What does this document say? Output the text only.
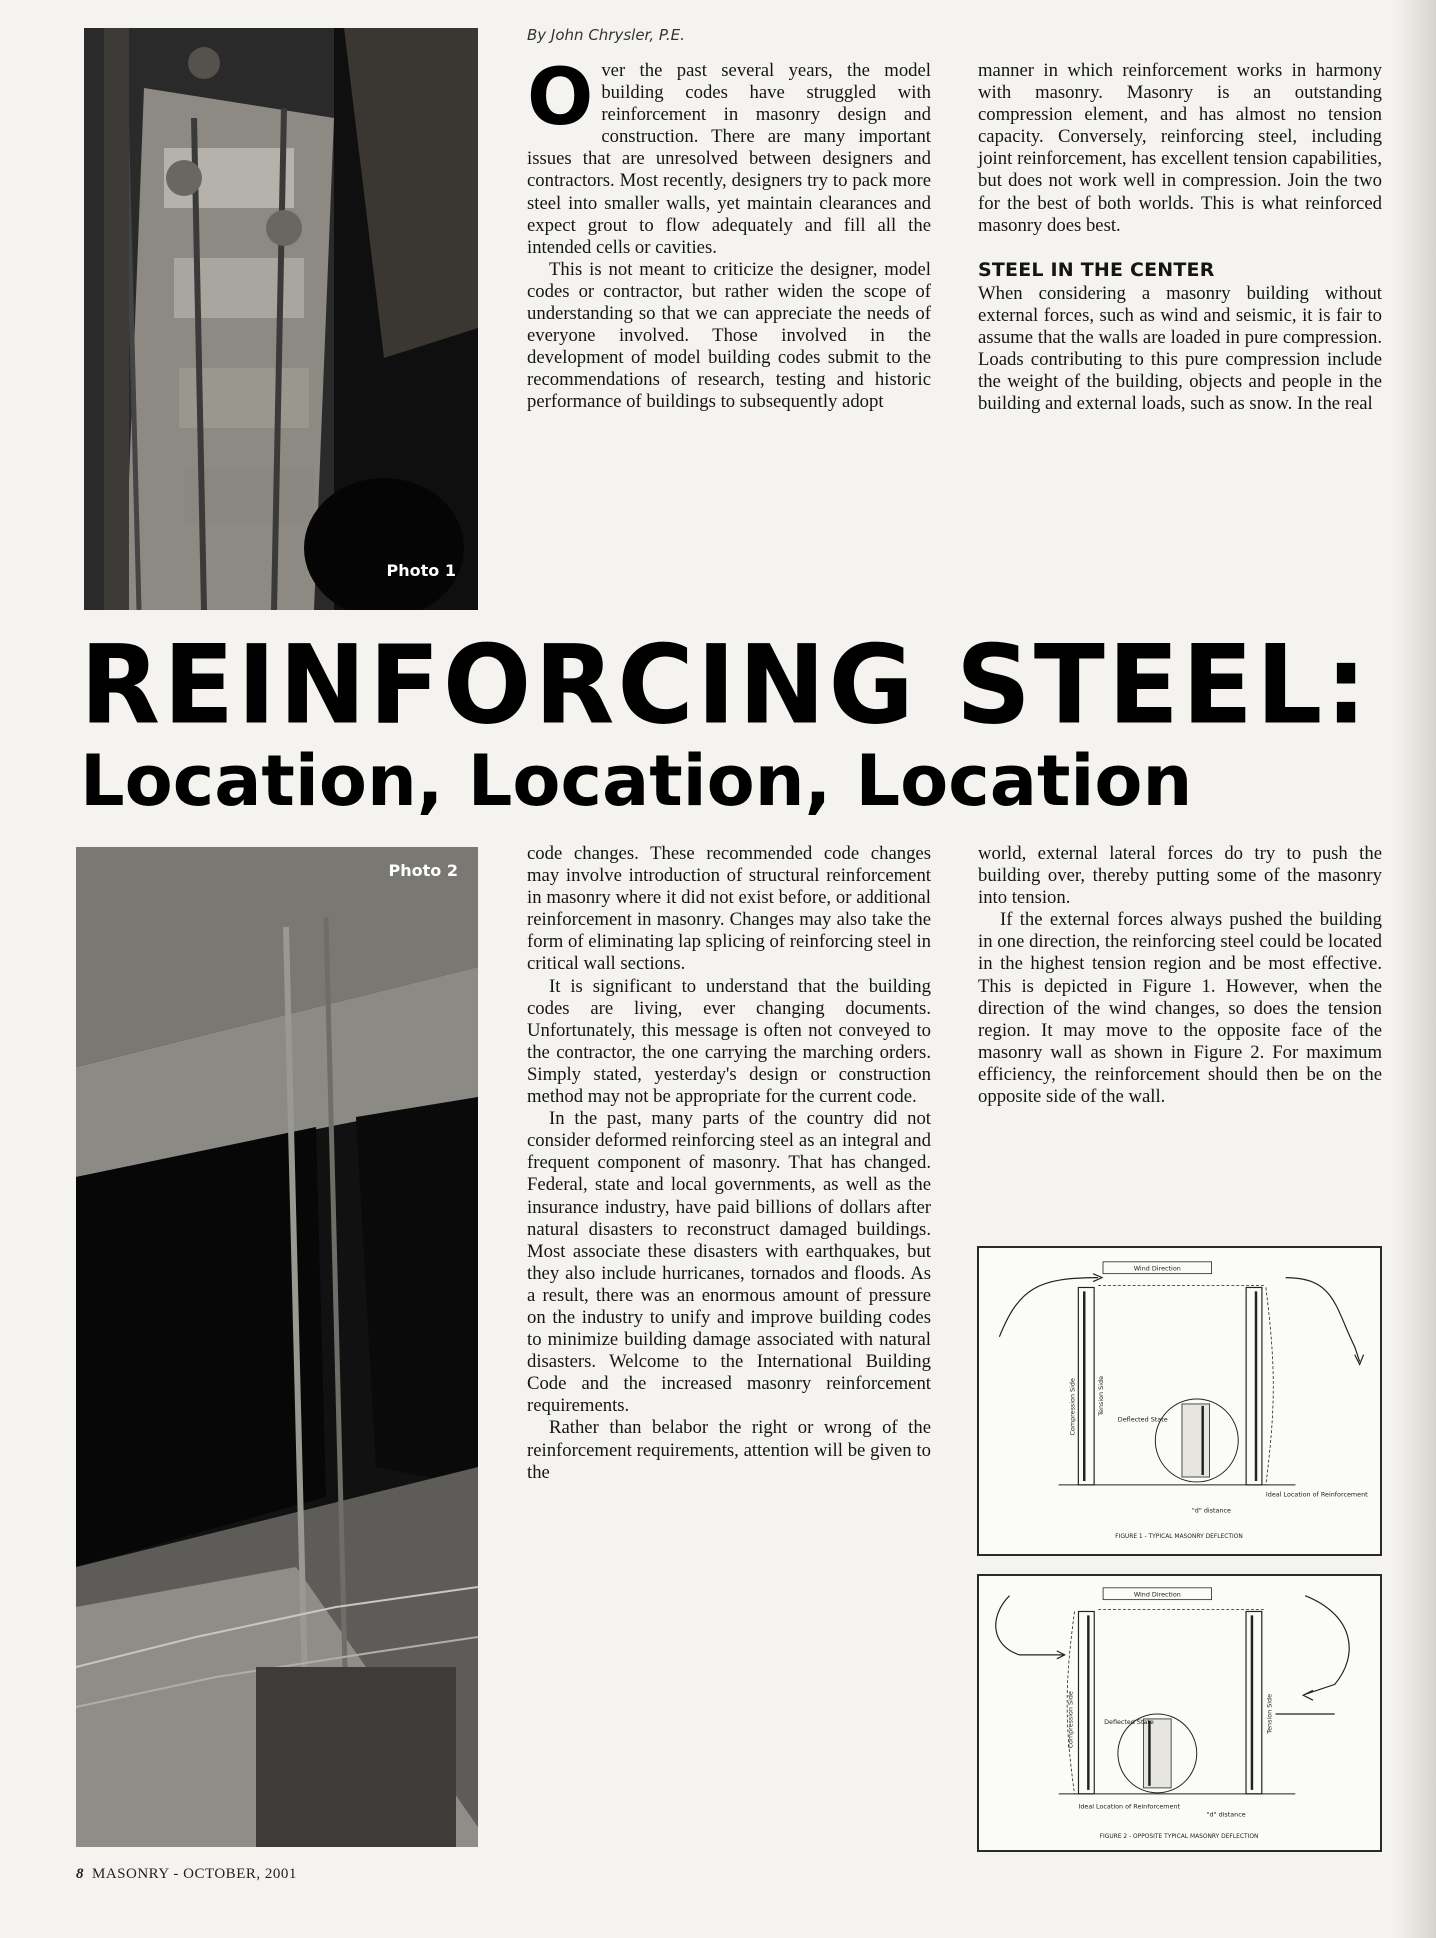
Photo 1
By John Chrysler, P.E.

Over the past several years, the model building codes have struggled with reinforcement in masonry design and construction. There are many important issues that are unresolved between designers and contractors. Most recently, designers try to pack more steel into smaller walls, yet maintain clearances and expect grout to flow adequately and fill all the intended cells or cavities.

This is not meant to criticize the designer, model codes or contractor, but rather widen the scope of understanding so that we can appreciate the needs of everyone involved. Those involved in the development of model building codes submit to the recommendations of research, testing and historic performance of buildings to subsequently adopt

manner in which reinforcement works in harmony with masonry. Masonry is an outstanding compression element, and has almost no tension capacity. Conversely, reinforcing steel, including joint reinforcement, has excellent tension capabilities, but does not work well in compression. Join the two for the best of both worlds. This is what reinforced masonry does best.

STEEL IN THE CENTER

When considering a masonry building without external forces, such as wind and seismic, it is fair to assume that the walls are loaded in pure compression. Loads contributing to this pure compression include the weight of the building, objects and people in the building and external loads, such as snow. In the real

REINFORCING STEEL:
Location, Location, Location
Photo 2

code changes. These recommended code changes may involve introduction of structural reinforcement in masonry where it did not exist before, or additional reinforcement in masonry. Changes may also take the form of eliminating lap splicing of reinforcing steel in critical wall sections.

It is significant to understand that the building codes are living, ever changing documents. Unfortunately, this message is often not conveyed to the contractor, the one carrying the marching orders. Simply stated, yesterday's design or construction method may not be appropriate for the current code.

In the past, many parts of the country did not consider deformed reinforcing steel as an integral and frequent component of masonry. That has changed. Federal, state and local governments, as well as the insurance industry, have paid billions of dollars after natural disasters to reconstruct damaged buildings. Most associate these disasters with earthquakes, but they also include hurricanes, tornados and floods. As a result, there was an enormous amount of pressure on the industry to unify and improve building codes to minimize building damage associated with natural disasters. Welcome to the International Building Code and the increased masonry reinforcement requirements.

Rather than belabor the right or wrong of the reinforcement requirements, attention will be given to the

world, external lateral forces do try to push the building over, thereby putting some of the masonry into tension.

If the external forces always pushed the building in one direction, the reinforcing steel could be located in the highest tension region and be most effective. This is depicted in Figure 1. However, when the direction of the wind changes, so does the tension region. It may move to the opposite face of the masonry wall as shown in Figure 2. For maximum efficiency, the reinforcement should then be on the opposite side of the wall.

Wind Direction
Compression Side	Tension Side
Deflected State
Ideal Location of Reinforcement
"d" distance
FIGURE 1 - TYPICAL MASONRY DEFLECTION
Wind Direction
Compression Side	Tension Side
Deflected State
Ideal Location of Reinforcement
"d" distance
FIGURE 2 - OPPOSITE TYPICAL MASONRY DEFLECTION
8 MASONRY - OCTOBER, 2001
